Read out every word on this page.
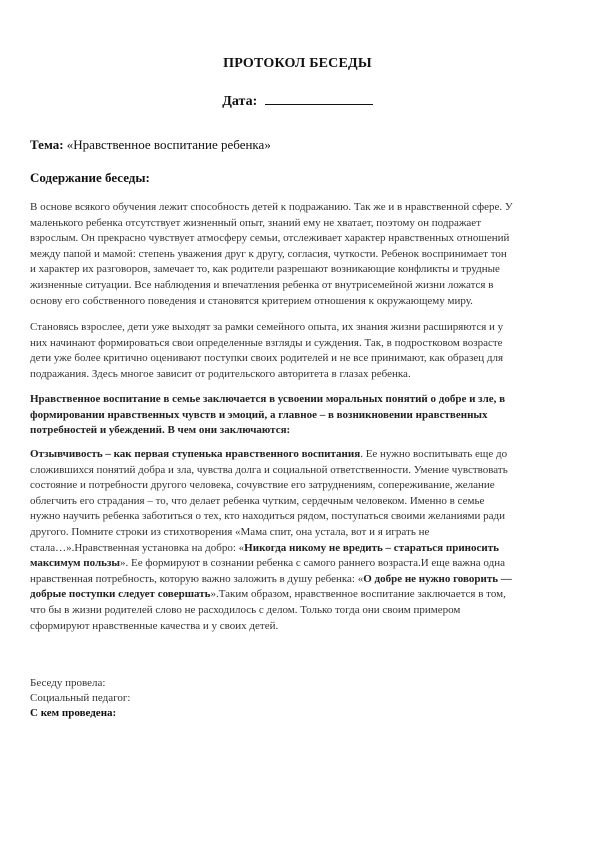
ПРОТОКОЛ БЕСЕДЫ
Дата:
Тема: «Нравственное воспитание ребенка»
Содержание беседы:
В основе всякого обучения лежит способность детей к подражанию. Так же и в нравственной сфере. У
маленького ребенка отсутствует жизненный опыт, знаний ему не хватает, поэтому он подражает
взрослым. Он прекрасно чувствует атмосферу семьи, отслеживает характер нравственных отношений
между папой и мамой: степень уважения друг к другу, согласия, чуткости. Ребенок воспринимает тон
и характер их разговоров, замечает то, как родители разрешают возникающие конфликты и трудные
жизненные ситуации. Все наблюдения и впечатления ребенка от внутрисемейной жизни ложатся в
основу его собственного поведения и становятся критерием отношения к окружающему миру.
Становясь взрослее, дети уже выходят за рамки семейного опыта, их знания жизни расширяются и у
них начинают формироваться свои определенные взгляды и суждения. Так, в подростковом возрасте
дети уже более критично оценивают поступки своих родителей и не все принимают, как образец для
подражания. Здесь многое зависит от родительского авторитета в глазах ребенка.
Нравственное воспитание в семье заключается в усвоении моральных понятий о добре и зле, в
формировании нравственных чувств и эмоций, а главное – в возникновении нравственных
потребностей и убеждений. В чем они заключаются:
Отзывчивость – как первая ступенька нравственного воспитания. Ее нужно воспитывать еще до
сложившихся понятий добра и зла, чувства долга и социальной ответственности. Умение чувствовать
состояние и потребности другого человека, сочувствие его затруднениям, сопереживание, желание
облегчить его страдания – то, что делает ребенка чутким, сердечным человеком. Именно в семье
нужно научить ребенка заботиться о тех, кто находиться рядом, поступаться своими желаниями ради
другого. Помните строки из стихотворения «Мама спит, она устала, вот и я играть не
стала…».Нравственная установка на добро: «Никогда никому не вредить – стараться приносить
максимум пользы». Ее формируют в сознании ребенка с самого раннего возраста.И еще важна одна
нравственная потребность, которую важно заложить в душу ребенка: «О добре не нужно говорить —
добрые поступки следует совершать».Таким образом, нравственное воспитание заключается в том,
что бы в жизни родителей слово не расходилось с делом. Только тогда они своим примером
сформируют нравственные качества и у своих детей.
Беседу провела:
Социальный педагог:
С кем проведена:
